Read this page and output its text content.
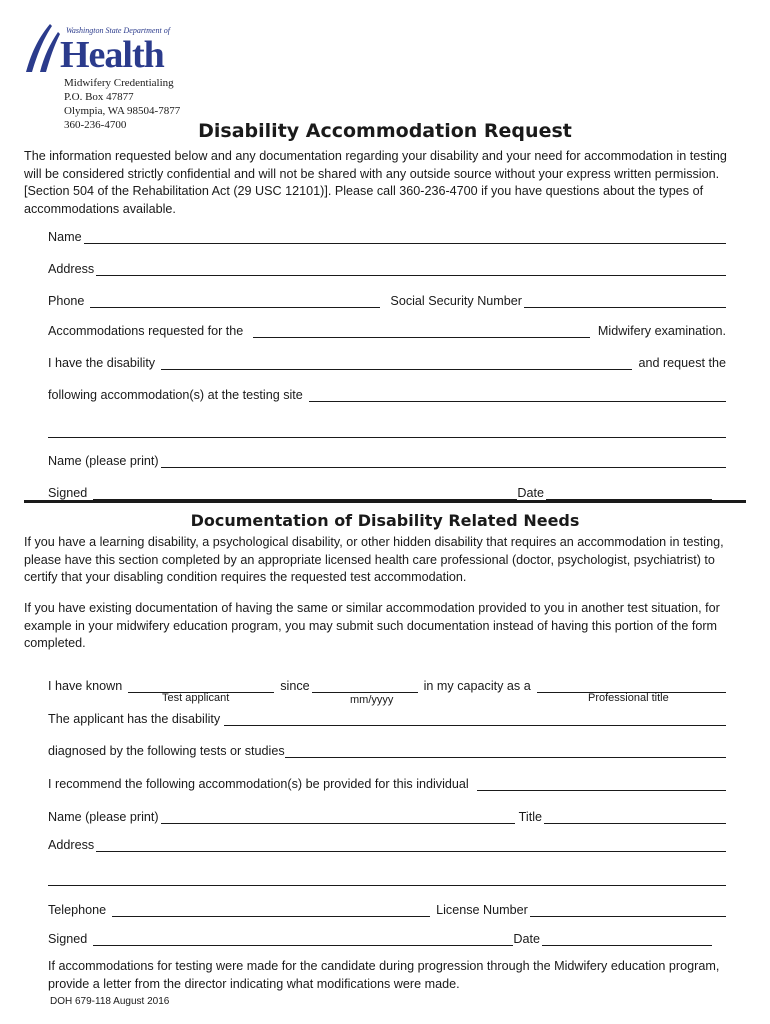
Washington State Department of
Health
Midwifery Credentialing
P.O. Box 47877
Olympia, WA 98504-7877
360-236-4700	Disability Accommodation Request
The information requested below and any documentation regarding your disability and your need for accommodation in testing will be considered strictly confidential and will not be shared with any outside source without your express written permission. [Section 504 of the Rehabilitation Act (29 USC 12101)]. Please call 360-236-4700 if you have questions about the types of accommodations available.
Name
Address
Phone	Social Security Number
Accommodations requested for the	Midwifery examination.
I have the disability	and request the
following accommodation(s) at the testing site
Name (please print)
Signed	Date
Documentation of Disability Related Needs
If you have a learning disability, a psychological disability, or other hidden disability that requires an accommodation in testing, please have this section completed by an appropriate licensed health care professional (doctor, psychologist, psychiatrist) to certify that your disabling condition requires the requested test accommodation.
If you have existing documentation of having the same or similar accommodation provided to you in another test situation, for example in your midwifery education program, you may submit such documentation instead of having this portion of the form completed.
I have known	since	in my capacity as a
Test applicant	mm/yyyy	Professional title
The applicant has the disability
diagnosed by the following tests or studies
I recommend the following accommodation(s) be provided for this individual
Name (please print)	Title
Address
Telephone	License Number
Signed	Date
If accommodations for testing were made for the candidate during progression through the Midwifery education program, provide a letter from the director indicating what modifications were made.
DOH 679-118 August 2016
